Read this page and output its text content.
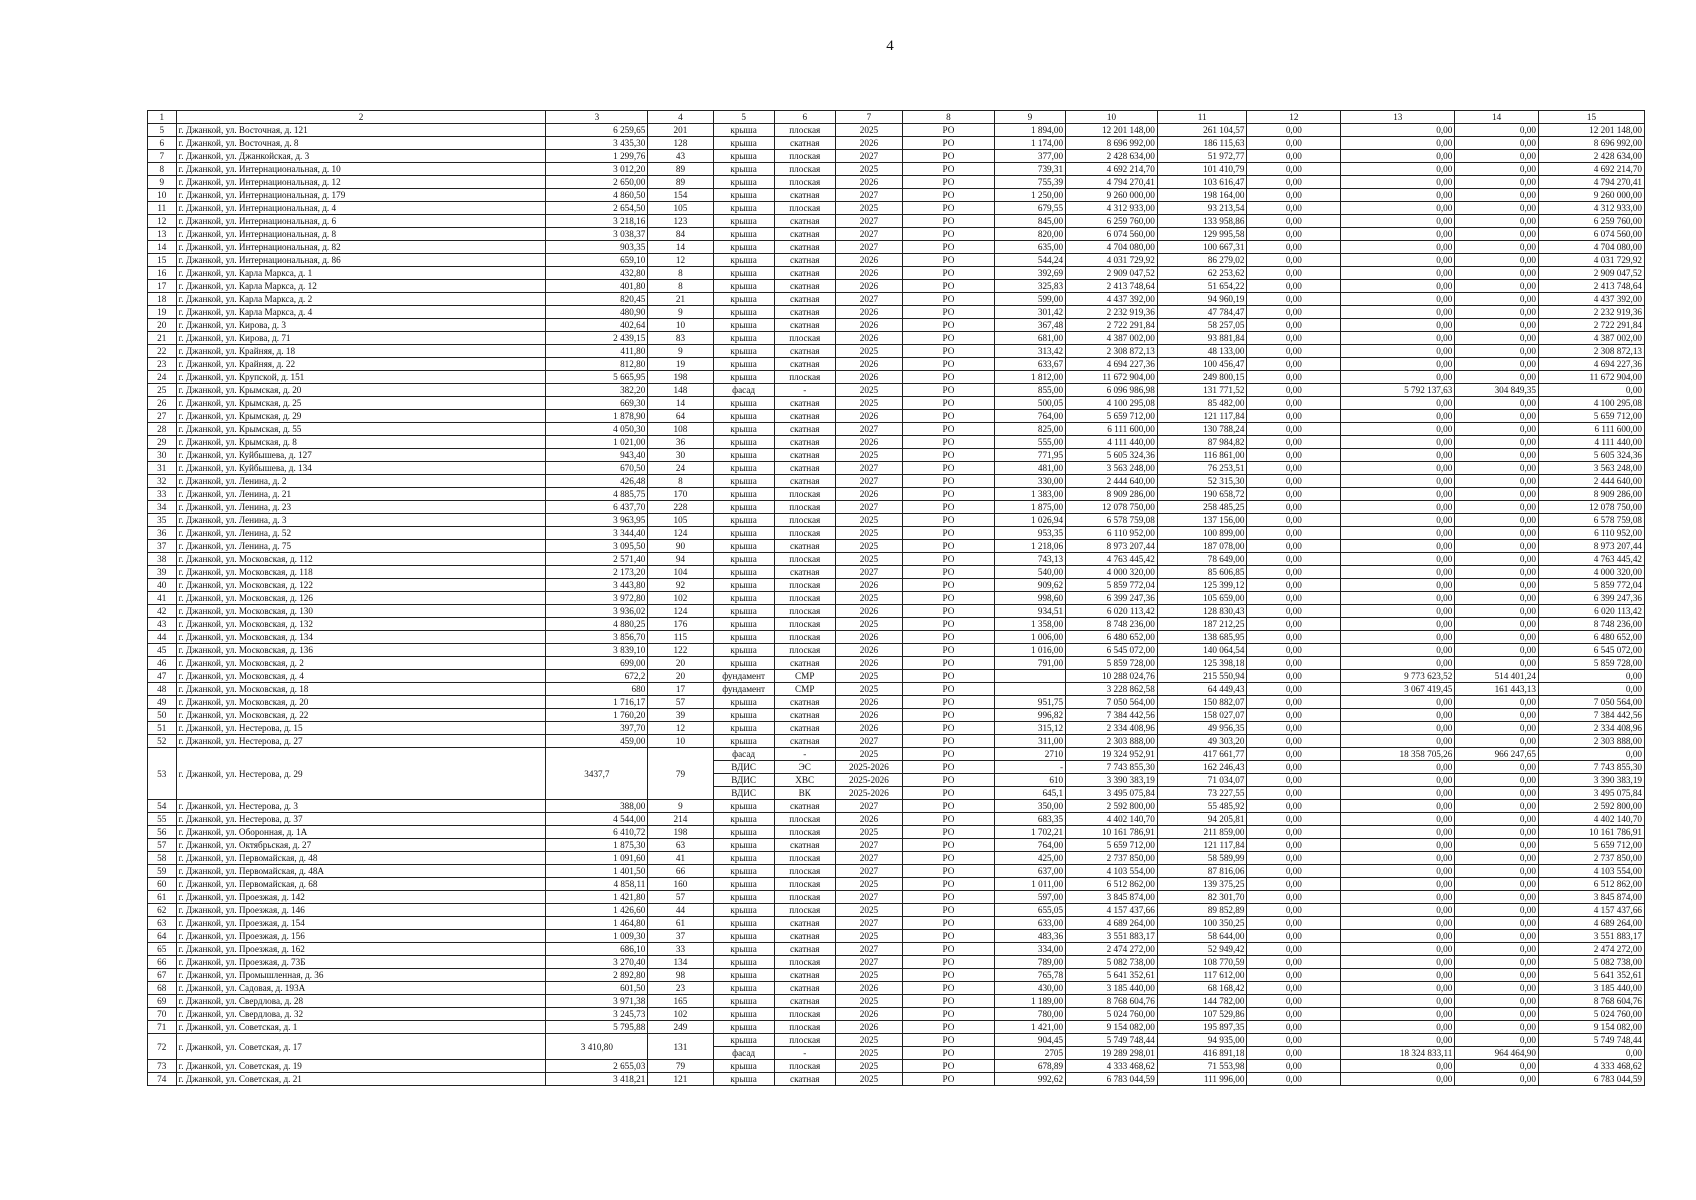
4
1	2	3	4	5	6	7	8	9	10	11	12	13	14	15
5	г. Джанкой, ул. Восточная, д. 121	6 259,65	201	крыша	плоская	2025	РО	1 894,00	12 201 148,00	261 104,57	0,00	0,00	0,00	12 201 148,00
6	г. Джанкой, ул. Восточная, д. 8	3 435,30	128	крыша	скатная	2026	РО	1 174,00	8 696 992,00	186 115,63	0,00	0,00	0,00	8 696 992,00
7	г. Джанкой, ул. Джанкойская, д. 3	1 299,76	43	крыша	плоская	2027	РО	377,00	2 428 634,00	51 972,77	0,00	0,00	0,00	2 428 634,00
8	г. Джанкой, ул. Интернациональная, д. 10	3 012,20	89	крыша	плоская	2025	РО	739,31	4 692 214,70	101 410,79	0,00	0,00	0,00	4 692 214,70
9	г. Джанкой, ул. Интернациональная, д. 12	2 650,00	89	крыша	плоская	2026	РО	755,39	4 794 270,41	103 616,47	0,00	0,00	0,00	4 794 270,41
10	г. Джанкой, ул. Интернациональная, д. 179	4 860,50	154	крыша	скатная	2027	РО	1 250,00	9 260 000,00	198 164,00	0,00	0,00	0,00	9 260 000,00
11	г. Джанкой, ул. Интернациональная, д. 4	2 654,50	105	крыша	плоская	2025	РО	679,55	4 312 933,00	93 213,54	0,00	0,00	0,00	4 312 933,00
12	г. Джанкой, ул. Интернациональная, д. 6	3 218,16	123	крыша	скатная	2027	РО	845,00	6 259 760,00	133 958,86	0,00	0,00	0,00	6 259 760,00
13	г. Джанкой, ул. Интернациональная, д. 8	3 038,37	84	крыша	скатная	2027	РО	820,00	6 074 560,00	129 995,58	0,00	0,00	0,00	6 074 560,00
14	г. Джанкой, ул. Интернациональная, д. 82	903,35	14	крыша	скатная	2027	РО	635,00	4 704 080,00	100 667,31	0,00	0,00	0,00	4 704 080,00
15	г. Джанкой, ул. Интернациональная, д. 86	659,10	12	крыша	скатная	2026	РО	544,24	4 031 729,92	86 279,02	0,00	0,00	0,00	4 031 729,92
16	г. Джанкой, ул. Карла Маркса, д. 1	432,80	8	крыша	скатная	2026	РО	392,69	2 909 047,52	62 253,62	0,00	0,00	0,00	2 909 047,52
17	г. Джанкой, ул. Карла Маркса, д. 12	401,80	8	крыша	скатная	2026	РО	325,83	2 413 748,64	51 654,22	0,00	0,00	0,00	2 413 748,64
18	г. Джанкой, ул. Карла Маркса, д. 2	820,45	21	крыша	скатная	2027	РО	599,00	4 437 392,00	94 960,19	0,00	0,00	0,00	4 437 392,00
19	г. Джанкой, ул. Карла Маркса, д. 4	480,90	9	крыша	скатная	2026	РО	301,42	2 232 919,36	47 784,47	0,00	0,00	0,00	2 232 919,36
20	г. Джанкой, ул. Кирова, д. 3	402,64	10	крыша	скатная	2026	РО	367,48	2 722 291,84	58 257,05	0,00	0,00	0,00	2 722 291,84
21	г. Джанкой, ул. Кирова, д. 71	2 439,15	83	крыша	плоская	2026	РО	681,00	4 387 002,00	93 881,84	0,00	0,00	0,00	4 387 002,00
22	г. Джанкой, ул. Крайняя, д. 18	411,80	9	крыша	скатная	2025	РО	313,42	2 308 872,13	48 133,00	0,00	0,00	0,00	2 308 872,13
23	г. Джанкой, ул. Крайняя, д. 22	812,80	19	крыша	скатная	2026	РО	633,67	4 694 227,36	100 456,47	0,00	0,00	0,00	4 694 227,36
24	г. Джанкой, ул. Крупской, д. 151	5 665,95	198	крыша	плоская	2026	РО	1 812,00	11 672 904,00	249 800,15	0,00	0,00	0,00	11 672 904,00
25	г. Джанкой, ул. Крымская, д. 20	382,20	148	фасад	-	2025	РО	855,00	6 096 986,98	131 771,52	0,00	5 792 137,63	304 849,35	0,00
26	г. Джанкой, ул. Крымская, д. 25	669,30	14	крыша	скатная	2025	РО	500,05	4 100 295,08	85 482,00	0,00	0,00	0,00	4 100 295,08
27	г. Джанкой, ул. Крымская, д. 29	1 878,90	64	крыша	скатная	2026	РО	764,00	5 659 712,00	121 117,84	0,00	0,00	0,00	5 659 712,00
28	г. Джанкой, ул. Крымская, д. 55	4 050,30	108	крыша	скатная	2027	РО	825,00	6 111 600,00	130 788,24	0,00	0,00	0,00	6 111 600,00
29	г. Джанкой, ул. Крымская, д. 8	1 021,00	36	крыша	скатная	2026	РО	555,00	4 111 440,00	87 984,82	0,00	0,00	0,00	4 111 440,00
30	г. Джанкой, ул. Куйбышева, д. 127	943,40	30	крыша	скатная	2025	РО	771,95	5 605 324,36	116 861,00	0,00	0,00	0,00	5 605 324,36
31	г. Джанкой, ул. Куйбышева, д. 134	670,50	24	крыша	скатная	2027	РО	481,00	3 563 248,00	76 253,51	0,00	0,00	0,00	3 563 248,00
32	г. Джанкой, ул. Ленина, д. 2	426,48	8	крыша	скатная	2027	РО	330,00	2 444 640,00	52 315,30	0,00	0,00	0,00	2 444 640,00
33	г. Джанкой, ул. Ленина, д. 21	4 885,75	170	крыша	плоская	2026	РО	1 383,00	8 909 286,00	190 658,72	0,00	0,00	0,00	8 909 286,00
34	г. Джанкой, ул. Ленина, д. 23	6 437,70	228	крыша	плоская	2027	РО	1 875,00	12 078 750,00	258 485,25	0,00	0,00	0,00	12 078 750,00
35	г. Джанкой, ул. Ленина, д. 3	3 963,95	105	крыша	плоская	2025	РО	1 026,94	6 578 759,08	137 156,00	0,00	0,00	0,00	6 578 759,08
36	г. Джанкой, ул. Ленина, д. 52	3 344,40	124	крыша	плоская	2025	РО	953,35	6 110 952,00	100 899,00	0,00	0,00	0,00	6 110 952,00
37	г. Джанкой, ул. Ленина, д. 75	3 095,50	90	крыша	скатная	2025	РО	1 218,06	8 973 207,44	187 078,00	0,00	0,00	0,00	8 973 207,44
38	г. Джанкой, ул. Московская, д. 112	2 571,40	94	крыша	плоская	2025	РО	743,13	4 763 445,42	78 649,00	0,00	0,00	0,00	4 763 445,42
39	г. Джанкой, ул. Московская, д. 118	2 173,20	104	крыша	скатная	2027	РО	540,00	4 000 320,00	85 606,85	0,00	0,00	0,00	4 000 320,00
40	г. Джанкой, ул. Московская, д. 122	3 443,80	92	крыша	плоская	2026	РО	909,62	5 859 772,04	125 399,12	0,00	0,00	0,00	5 859 772,04
41	г. Джанкой, ул. Московская, д. 126	3 972,80	102	крыша	плоская	2025	РО	998,60	6 399 247,36	105 659,00	0,00	0,00	0,00	6 399 247,36
42	г. Джанкой, ул. Московская, д. 130	3 936,02	124	крыша	плоская	2026	РО	934,51	6 020 113,42	128 830,43	0,00	0,00	0,00	6 020 113,42
43	г. Джанкой, ул. Московская, д. 132	4 880,25	176	крыша	плоская	2025	РО	1 358,00	8 748 236,00	187 212,25	0,00	0,00	0,00	8 748 236,00
44	г. Джанкой, ул. Московская, д. 134	3 856,70	115	крыша	плоская	2026	РО	1 006,00	6 480 652,00	138 685,95	0,00	0,00	0,00	6 480 652,00
45	г. Джанкой, ул. Московская, д. 136	3 839,10	122	крыша	плоская	2026	РО	1 016,00	6 545 072,00	140 064,54	0,00	0,00	0,00	6 545 072,00
46	г. Джанкой, ул. Московская, д. 2	699,00	20	крыша	скатная	2026	РО	791,00	5 859 728,00	125 398,18	0,00	0,00	0,00	5 859 728,00
47	г. Джанкой, ул. Московская, д. 4	672,2	20	фундамент	СМР	2025	РО		10 288 024,76	215 550,94	0,00	9 773 623,52	514 401,24	0,00
48	г. Джанкой, ул. Московская, д. 18	680	17	фундамент	СМР	2025	РО		3 228 862,58	64 449,43	0,00	3 067 419,45	161 443,13	0,00
49	г. Джанкой, ул. Московская, д. 20	1 716,17	57	крыша	скатная	2026	РО	951,75	7 050 564,00	150 882,07	0,00	0,00	0,00	7 050 564,00
50	г. Джанкой, ул. Московская, д. 22	1 760,20	39	крыша	скатная	2026	РО	996,82	7 384 442,56	158 027,07	0,00	0,00	0,00	7 384 442,56
51	г. Джанкой, ул. Нестерова, д. 15	397,70	12	крыша	скатная	2026	РО	315,12	2 334 408,96	49 956,35	0,00	0,00	0,00	2 334 408,96
52	г. Джанкой, ул. Нестерова, д. 27	459,00	10	крыша	скатная	2027	РО	311,00	2 303 888,00	49 303,20	0,00	0,00	0,00	2 303 888,00
53	г. Джанкой, ул. Нестерова, д. 29	3437,7	79	фасад	-	2025	РО	2710	19 324 952,91	417 661,77	0,00	18 358 705,26	966 247,65	0,00
				ВДИС	ЭС	2025-2026	РО	-	7 743 855,30	162 246,43	0,00	0,00	0,00	7 743 855,30
				ВДИС	ХВС	2025-2026	РО	610	3 390 383,19	71 034,07	0,00	0,00	0,00	3 390 383,19
				ВДИС	ВК	2025-2026	РО	645,1	3 495 075,84	73 227,55	0,00	0,00	0,00	3 495 075,84
54	г. Джанкой, ул. Нестерова, д. 3	388,00	9	крыша	скатная	2027	РО	350,00	2 592 800,00	55 485,92	0,00	0,00	0,00	2 592 800,00
55	г. Джанкой, ул. Нестерова, д. 37	4 544,00	214	крыша	плоская	2026	РО	683,35	4 402 140,70	94 205,81	0,00	0,00	0,00	4 402 140,70
56	г. Джанкой, ул. Оборонная, д. 1А	6 410,72	198	крыша	плоская	2025	РО	1 702,21	10 161 786,91	211 859,00	0,00	0,00	0,00	10 161 786,91
57	г. Джанкой, ул. Октябрьская, д. 27	1 875,30	63	крыша	скатная	2027	РО	764,00	5 659 712,00	121 117,84	0,00	0,00	0,00	5 659 712,00
58	г. Джанкой, ул. Первомайская, д. 48	1 091,60	41	крыша	плоская	2027	РО	425,00	2 737 850,00	58 589,99	0,00	0,00	0,00	2 737 850,00
59	г. Джанкой, ул. Первомайская, д. 48А	1 401,50	66	крыша	плоская	2027	РО	637,00	4 103 554,00	87 816,06	0,00	0,00	0,00	4 103 554,00
60	г. Джанкой, ул. Первомайская, д. 68	4 858,11	160	крыша	плоская	2025	РО	1 011,00	6 512 862,00	139 375,25	0,00	0,00	0,00	6 512 862,00
61	г. Джанкой, ул. Проезжая, д. 142	1 421,80	57	крыша	плоская	2027	РО	597,00	3 845 874,00	82 301,70	0,00	0,00	0,00	3 845 874,00
62	г. Джанкой, ул. Проезжая, д. 146	1 426,60	44	крыша	плоская	2025	РО	655,05	4 157 437,66	89 852,89	0,00	0,00	0,00	4 157 437,66
63	г. Джанкой, ул. Проезжая, д. 154	1 464,80	61	крыша	скатная	2027	РО	633,00	4 689 264,00	100 350,25	0,00	0,00	0,00	4 689 264,00
64	г. Джанкой, ул. Проезжая, д. 156	1 009,30	37	крыша	скатная	2025	РО	483,36	3 551 883,17	58 644,00	0,00	0,00	0,00	3 551 883,17
65	г. Джанкой, ул. Проезжая, д. 162	686,10	33	крыша	скатная	2027	РО	334,00	2 474 272,00	52 949,42	0,00	0,00	0,00	2 474 272,00
66	г. Джанкой, ул. Проезжая, д. 73Б	3 270,40	134	крыша	плоская	2027	РО	789,00	5 082 738,00	108 770,59	0,00	0,00	0,00	5 082 738,00
67	г. Джанкой, ул. Промышленная, д. 36	2 892,80	98	крыша	скатная	2025	РО	765,78	5 641 352,61	117 612,00	0,00	0,00	0,00	5 641 352,61
68	г. Джанкой, ул. Садовая, д. 193А	601,50	23	крыша	скатная	2026	РО	430,00	3 185 440,00	68 168,42	0,00	0,00	0,00	3 185 440,00
69	г. Джанкой, ул. Свердлова, д. 28	3 971,38	165	крыша	скатная	2025	РО	1 189,00	8 768 604,76	144 782,00	0,00	0,00	0,00	8 768 604,76
70	г. Джанкой, ул. Свердлова, д. 32	3 245,73	102	крыша	плоская	2026	РО	780,00	5 024 760,00	107 529,86	0,00	0,00	0,00	5 024 760,00
71	г. Джанкой, ул. Советская, д. 1	5 795,88	249	крыша	плоская	2026	РО	1 421,00	9 154 082,00	195 897,35	0,00	0,00	0,00	9 154 082,00
72	г. Джанкой, ул. Советская, д. 17	3 410,80	131	крыша	плоская	2025	РО	904,45	5 749 748,44	94 935,00	0,00	0,00	0,00	5 749 748,44
				фасад	-	2025	РО	2705	19 289 298,01	416 891,18	0,00	18 324 833,11	964 464,90	0,00
73	г. Джанкой, ул. Советская, д. 19	2 655,03	79	крыша	плоская	2025	РО	678,89	4 333 468,62	71 553,98	0,00	0,00	0,00	4 333 468,62
74	г. Джанкой, ул. Советская, д. 21	3 418,21	121	крыша	скатная	2025	РО	992,62	6 783 044,59	111 996,00	0,00	0,00	0,00	6 783 044,59
